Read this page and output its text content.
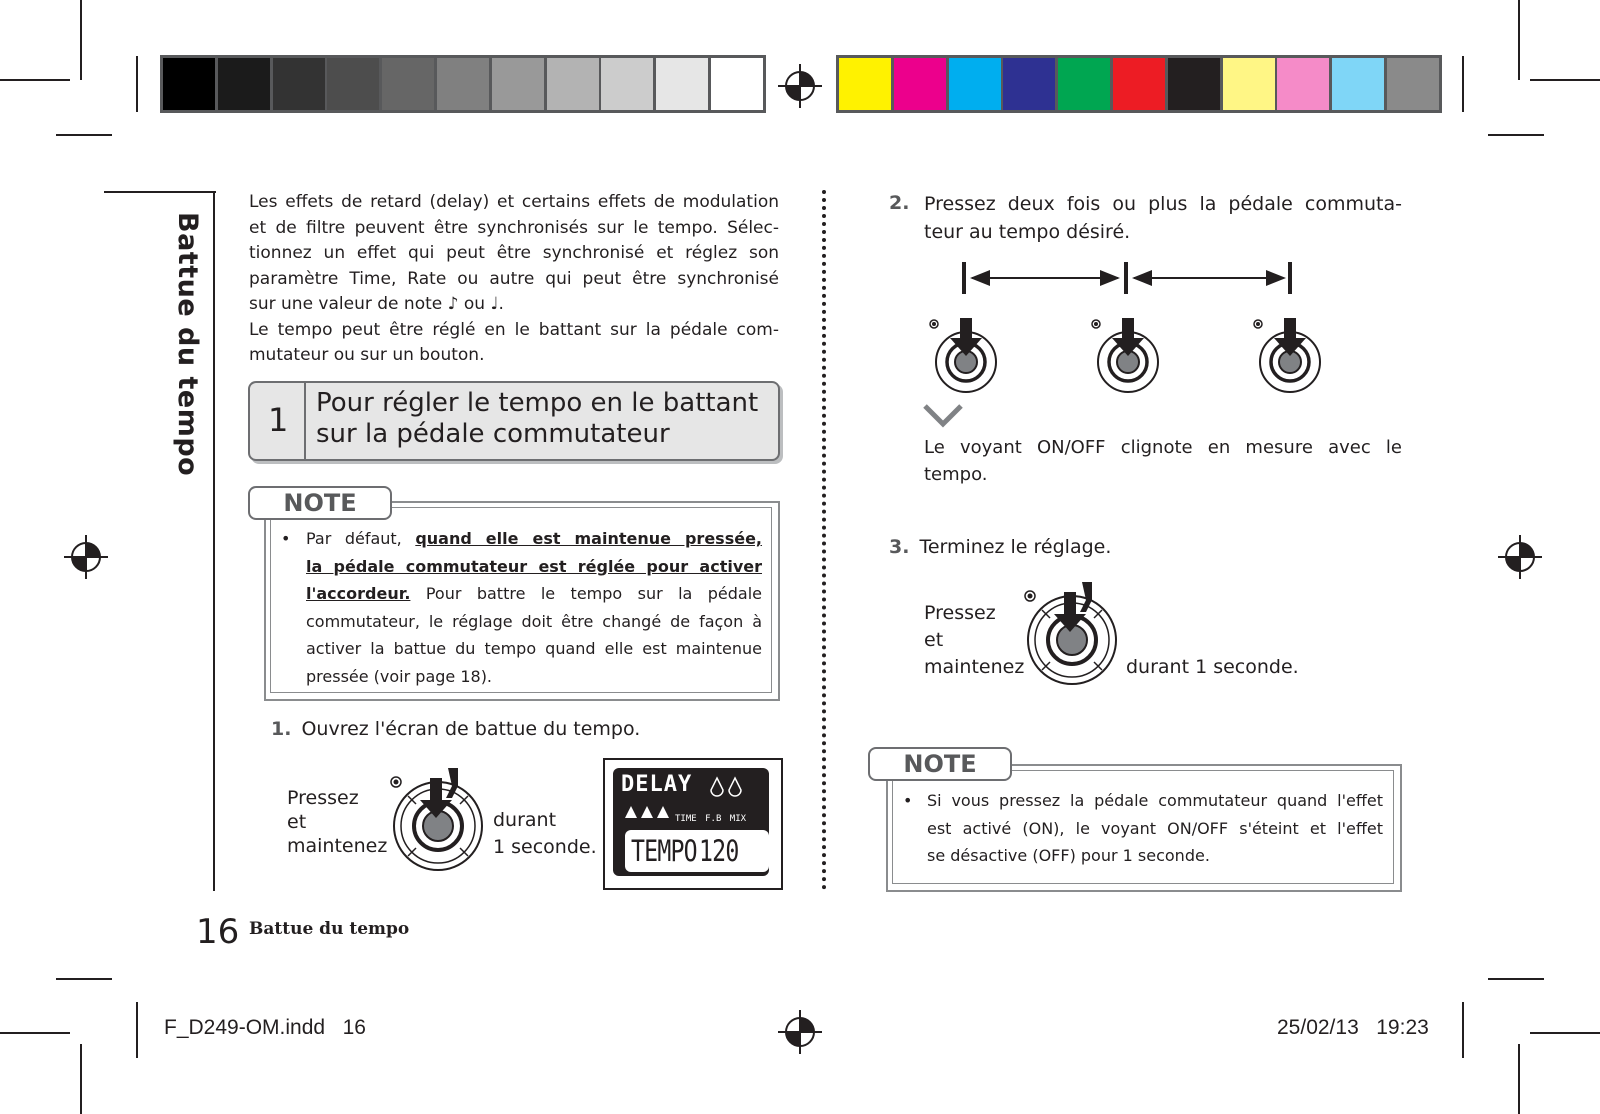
Battue du tempo
Les effets de retard (delay) et certains effets de modulation
et de filtre peuvent être synchronisés sur le tempo. Sélec-
tionnez un effet qui peut être synchronisé et réglez son
paramètre Time, Rate ou autre qui peut être synchronisé
sur une valeur de note ♪ ou ♩.
Le tempo peut être réglé en le battant sur la pédale com-
mutateur ou sur un bouton.
1 Pour régler le tempo en le battant
sur la pédale commutateur
NOTE
• Par défaut, quand elle est maintenue pressée,
la pédale commutateur est réglée pour activer
l'accordeur. Pour battre le tempo sur la pédale
commutateur, le réglage doit être changé de façon à
activer la battue du tempo quand elle est maintenue
pressée (voir page 18).
1. Ouvrez l'écran de battue du tempo.
Pressez
et
maintenez
durant
1 seconde.
DELAY
TIME F.B MIX
TEMPO120
2. Pressez deux fois ou plus la pédale commuta-
teur au tempo désiré.
Le voyant ON/OFF clignote en mesure avec le
tempo.
3. Terminez le réglage.
Pressez
et
maintenez	durant 1 seconde.
NOTE
• Si vous pressez la pédale commutateur quand l'effet
est activé (ON), le voyant ON/OFF s'éteint et l'effet
se désactive (OFF) pour 1 seconde.
16 Battue du tempo
F_D249-OM.indd   16	25/02/13   19:23
